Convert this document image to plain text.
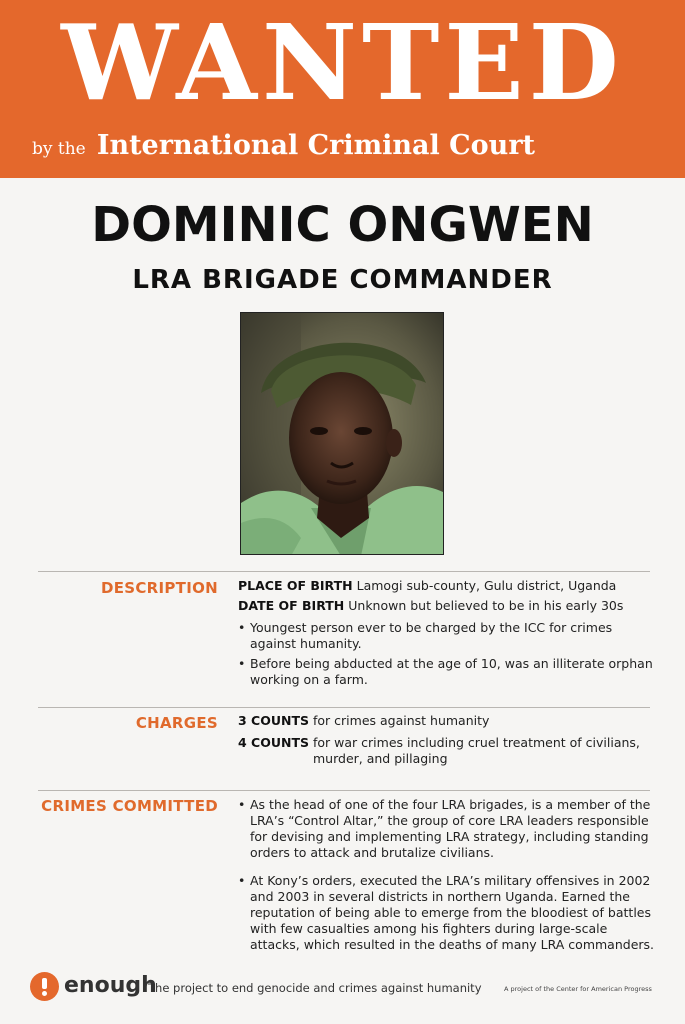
WANTED
by the International Criminal Court
DOMINIC ONGWEN
LRA BRIGADE COMMANDER
DESCRIPTION PLACE OF BIRTH Lamogi sub-county, Gulu district, Uganda
DATE OF BIRTH Unknown but believed to be in his early 30s
• Youngest person ever to be charged by the ICC for crimes against humanity.
• Before being abducted at the age of 10, was an illiterate orphan working on a farm.
CHARGES 3 COUNTS for crimes against humanity
4 COUNTS for war crimes including cruel treatment of civilians, murder, and pillaging
CRIMES COMMITTED
•	As the head of one of the four LRA brigades, is a member of the LRA’s “Control Altar,” the group of core LRA leaders responsible for devising and implementing LRA strategy, including standing orders to attack and brutalize civilians.
• At Kony’s orders, executed the LRA’s military offensives in 2002 and 2003 in several districts in northern Uganda. Earned the reputation of being able to emerge from the bloodiest of battles with few casualties among his fighters during large-scale attacks, which resulted in the deaths of many LRA commanders.
enough
The project to end genocide and crimes against humanity	A project of the Center for American Progress
